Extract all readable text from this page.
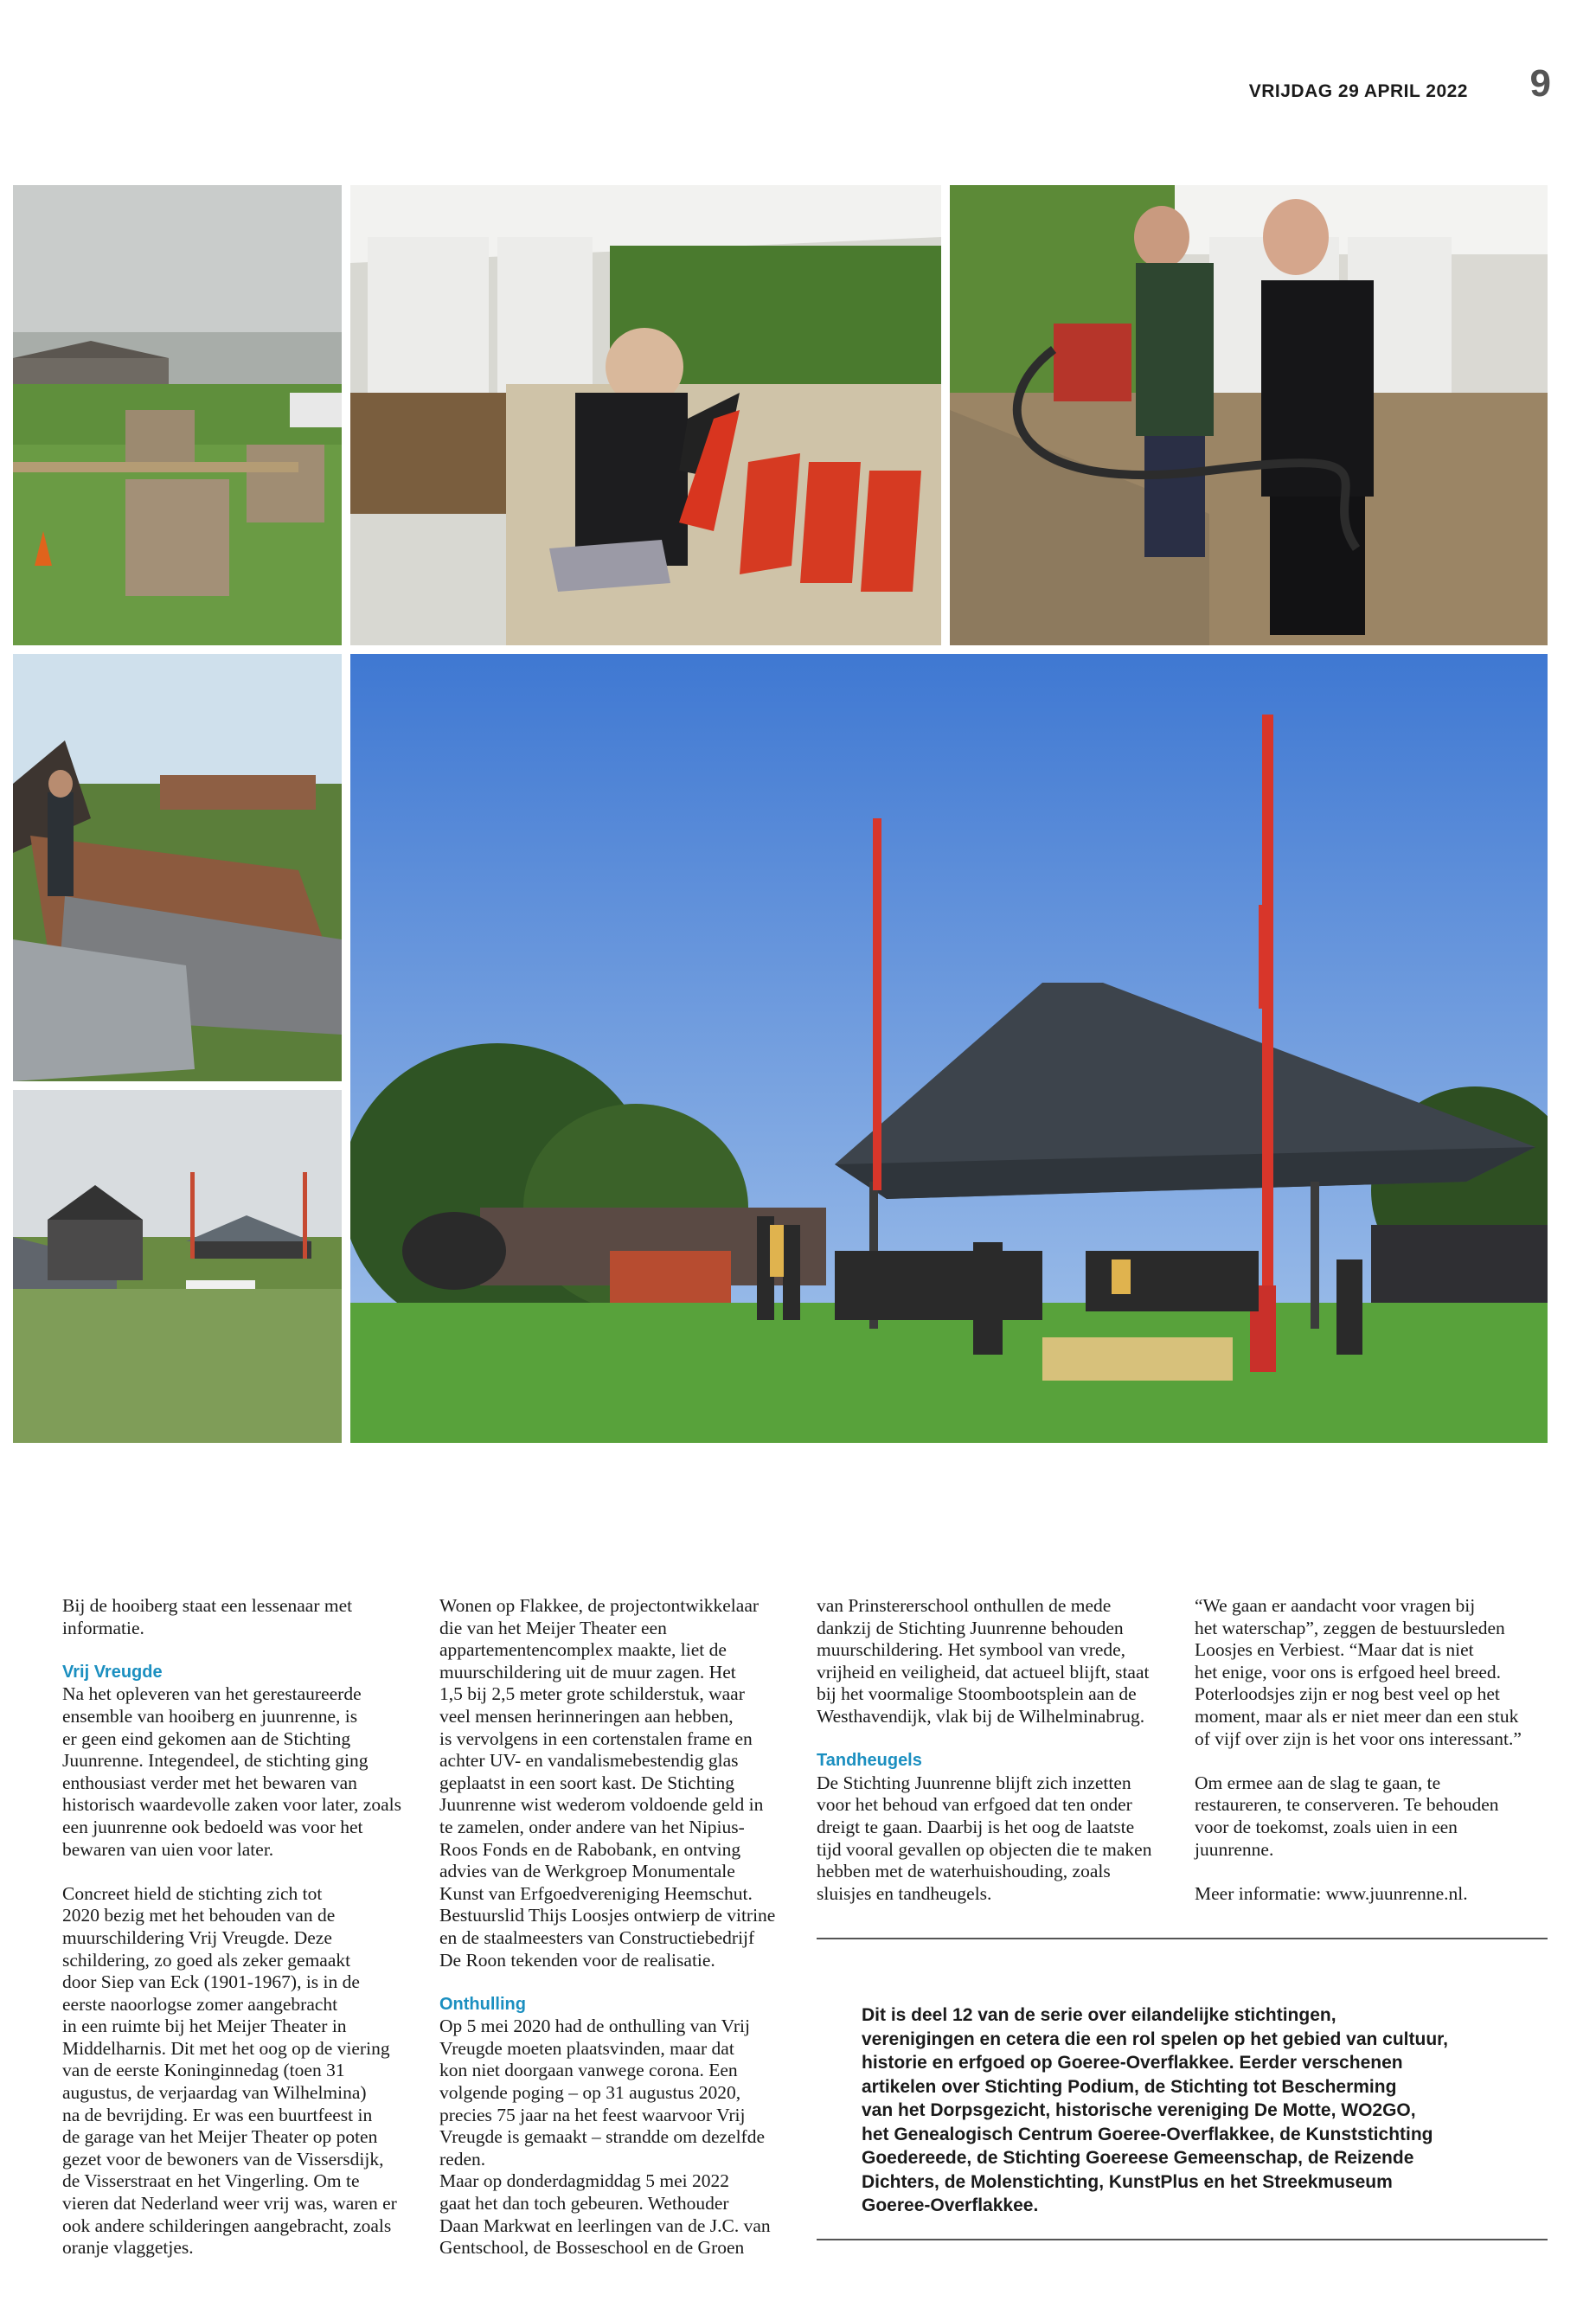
VRIJDAG 29 APRIL 2022 9

Bij de hooiberg staat een lessenaar met
informatie.

Vrij Vreugde

Na het opleveren van het gerestaureerde
ensemble van hooiberg en juunrenne, is
er geen eind gekomen aan de Stichting
Juunrenne. Integendeel, de stichting ging
enthousiast verder met het bewaren van
historisch waardevolle zaken voor later, zoals
een juunrenne ook bedoeld was voor het
bewaren van uien voor later.

Concreet hield de stichting zich tot
2020 bezig met het behouden van de
muurschildering Vrij Vreugde. Deze
schildering, zo goed als zeker gemaakt
door Siep van Eck (1901-1967), is in de
eerste naoorlogse zomer aangebracht
in een ruimte bij het Meijer Theater in
Middelharnis. Dit met het oog op de viering
van de eerste Koninginnedag (toen 31
augustus, de verjaardag van Wilhelmina)
na de bevrijding. Er was een buurtfeest in
de garage van het Meijer Theater op poten
gezet voor de bewoners van de Vissersdijk,
de Visserstraat en het Vingerling. Om te
vieren dat Nederland weer vrij was, waren er
ook andere schilderingen aangebracht, zoals
oranje vlaggetjes.

Wonen op Flakkee, de projectontwikkelaar
die van het Meijer Theater een
appartementencomplex maakte, liet de
muurschildering uit de muur zagen. Het
1,5 bij 2,5 meter grote schilderstuk, waar
veel mensen herinneringen aan hebben,
is vervolgens in een cortenstalen frame en
achter UV- en vandalismebestendig glas
geplaatst in een soort kast. De Stichting
Juunrenne wist wederom voldoende geld in
te zamelen, onder andere van het Nipius-
Roos Fonds en de Rabobank, en ontving
advies van de Werkgroep Monumentale
Kunst van Erfgoedvereniging Heemschut.
Bestuurslid Thijs Loosjes ontwierp de vitrine
en de staalmeesters van Constructiebedrijf
De Roon tekenden voor de realisatie.

Onthulling

Op 5 mei 2020 had de onthulling van Vrij
Vreugde moeten plaatsvinden, maar dat
kon niet doorgaan vanwege corona. Een
volgende poging – op 31 augustus 2020,
precies 75 jaar na het feest waarvoor Vrij
Vreugde is gemaakt – strandde om dezelfde
reden.
Maar op donderdagmiddag 5 mei 2022
gaat het dan toch gebeuren. Wethouder
Daan Markwat en leerlingen van de J.C. van
Gentschool, de Bosseschool en de Groen

van Prinstererschool onthullen de mede
dankzij de Stichting Juunrenne behouden
muurschildering. Het symbool van vrede,
vrijheid en veiligheid, dat actueel blijft, staat
bij het voormalige Stoombootsplein aan de
Westhavendijk, vlak bij de Wilhelminabrug.

Tandheugels

De Stichting Juunrenne blijft zich inzetten
voor het behoud van erfgoed dat ten onder
dreigt te gaan. Daarbij is het oog de laatste
tijd vooral gevallen op objecten die te maken
hebben met de waterhuishouding, zoals
sluisjes en tandheugels.

“We gaan er aandacht voor vragen bij
het waterschap”, zeggen de bestuursleden
Loosjes en Verbiest. “Maar dat is niet
het enige, voor ons is erfgoed heel breed.
Poterloodsjes zijn er nog best veel op het
moment, maar als er niet meer dan een stuk
of vijf over zijn is het voor ons interessant.”

Om ermee aan de slag te gaan, te
restaureren, te conserveren. Te behouden
voor de toekomst, zoals uien in een
juunrenne.

Meer informatie: www.juunrenne.nl.

Dit is deel 12 van de serie over eilandelijke stichtingen,
verenigingen en cetera die een rol spelen op het gebied van cultuur,
historie en erfgoed op Goeree-Overflakkee. Eerder verschenen
artikelen over Stichting Podium, de Stichting tot Bescherming
van het Dorpsgezicht, historische vereniging De Motte, WO2GO,
het Genealogisch Centrum Goeree-Overflakkee, de Kunststichting
Goedereede, de Stichting Goereese Gemeenschap, de Reizende
Dichters, de Molenstichting, KunstPlus en het Streekmuseum
Goeree-Overflakkee.
